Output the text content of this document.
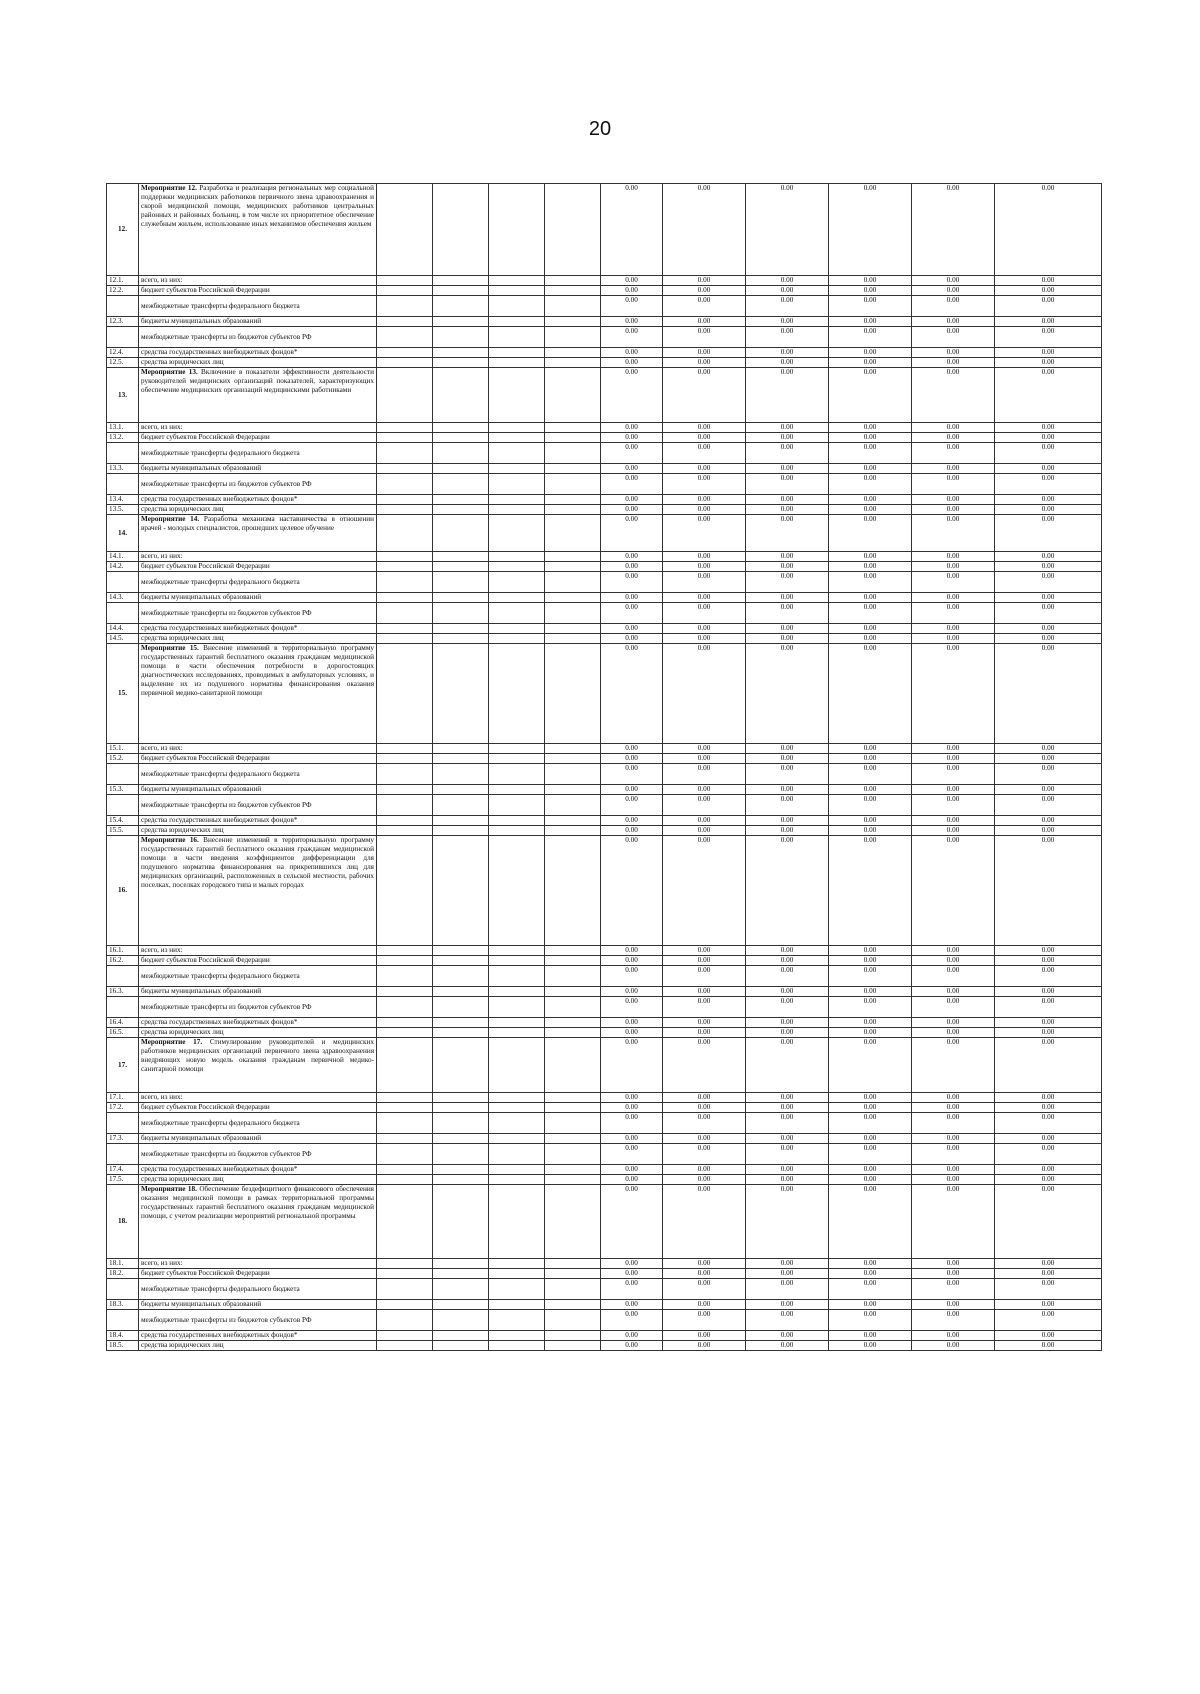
20
12.	Мероприятие 12. Разработка и реализация региональных мер социальной поддержки медицинских работников первичного звена здравоохранения и скорой медицинской помощи, медицинских работников центральных районных и районных больниц, в том числе их приоритетное обеспечение служебным жильем, использование иных механизмов обеспечения жильем					0.00	0.00	0.00	0.00	0.00	0.00
12.1.	всего, из них:					0.00	0.00	0.00	0.00	0.00	0.00
12.2.	бюджет субъектов Российской Федерации					0.00	0.00	0.00	0.00	0.00	0.00
	межбюджетные трансферты федерального бюджета					0.00	0.00	0.00	0.00	0.00	0.00
12.3.	бюджеты муниципальных образований					0.00	0.00	0.00	0.00	0.00	0.00
	межбюджетные трансферты из бюджетов субъектов РФ					0.00	0.00	0.00	0.00	0.00	0.00
12.4.	средства государственных внебюджетных фондов*					0.00	0.00	0.00	0.00	0.00	0.00
12.5.	средства юридических лиц					0.00	0.00	0.00	0.00	0.00	0.00
13.	Мероприятие 13. Включение в показатели эффективности деятельности руководителей медицинских организаций показателей, характеризующих обеспечение медицинских организаций медицинскими работниками					0.00	0.00	0.00	0.00	0.00	0.00
13.1.	всего, из них:					0.00	0.00	0.00	0.00	0.00	0.00
13.2.	бюджет субъектов Российской Федерации					0.00	0.00	0.00	0.00	0.00	0.00
	межбюджетные трансферты федерального бюджета					0.00	0.00	0.00	0.00	0.00	0.00
13.3.	бюджеты муниципальных образований					0.00	0.00	0.00	0.00	0.00	0.00
	межбюджетные трансферты из бюджетов субъектов РФ					0.00	0.00	0.00	0.00	0.00	0.00
13.4.	средства государственных внебюджетных фондов*					0.00	0.00	0.00	0.00	0.00	0.00
13.5.	средства юридических лиц					0.00	0.00	0.00	0.00	0.00	0.00
14.	Мероприятие 14. Разработка механизма наставничества в отношении врачей - молодых специалистов, прошедших целевое обучение					0.00	0.00	0.00	0.00	0.00	0.00
14.1.	всего, из них:					0.00	0.00	0.00	0.00	0.00	0.00
14.2.	бюджет субъектов Российской Федерации					0.00	0.00	0.00	0.00	0.00	0.00
	межбюджетные трансферты федерального бюджета					0.00	0.00	0.00	0.00	0.00	0.00
14.3.	бюджеты муниципальных образований					0.00	0.00	0.00	0.00	0.00	0.00
	межбюджетные трансферты из бюджетов субъектов РФ					0.00	0.00	0.00	0.00	0.00	0.00
14.4.	средства государственных внебюджетных фондов*					0.00	0.00	0.00	0.00	0.00	0.00
14.5.	средства юридических лиц					0.00	0.00	0.00	0.00	0.00	0.00
15.	Мероприятие 15. Внесение изменений в территориальную программу государственных гарантий бесплатного оказания гражданам медицинской помощи в части обеспечения потребности в дорогостоящих диагностических исследованиях, проводимых в амбулаторных условиях, и выделение их из подушевого норматива финансирования оказания первичной медико-санитарной помощи					0.00	0.00	0.00	0.00	0.00	0.00
15.1.	всего, из них:					0.00	0.00	0.00	0.00	0.00	0.00
15.2.	бюджет субъектов Российской Федерации					0.00	0.00	0.00	0.00	0.00	0.00
	межбюджетные трансферты федерального бюджета					0.00	0.00	0.00	0.00	0.00	0.00
15.3.	бюджеты муниципальных образований					0.00	0.00	0.00	0.00	0.00	0.00
	межбюджетные трансферты из бюджетов субъектов РФ					0.00	0.00	0.00	0.00	0.00	0.00
15.4.	средства государственных внебюджетных фондов*					0.00	0.00	0.00	0.00	0.00	0.00
15.5.	средства юридических лиц					0.00	0.00	0.00	0.00	0.00	0.00
16.	Мероприятие 16. Внесение изменений в территориальную программу государственных гарантий бесплатного оказания гражданам медицинской помощи в части введения коэффициентов дифференциации для подушевого норматива финансирования на прикрепившихся лиц для медицинских организаций, расположенных в сельской местности, рабочих поселках, поселках городского типа и малых городах					0.00	0.00	0.00	0.00	0.00	0.00
16.1.	всего, из них:					0.00	0.00	0.00	0.00	0.00	0.00
16.2.	бюджет субъектов Российской Федерации					0.00	0.00	0.00	0.00	0.00	0.00
	межбюджетные трансферты федерального бюджета					0.00	0.00	0.00	0.00	0.00	0.00
16.3.	бюджеты муниципальных образований					0.00	0.00	0.00	0.00	0.00	0.00
	межбюджетные трансферты из бюджетов субъектов РФ					0.00	0.00	0.00	0.00	0.00	0.00
16.4.	средства государственных внебюджетных фондов*					0.00	0.00	0.00	0.00	0.00	0.00
16.5.	средства юридических лиц					0.00	0.00	0.00	0.00	0.00	0.00
17.	Мероприятие 17. Стимулирование руководителей и медицинских работников медицинских организаций первичного звена здравоохранения внедряющих новую модель оказания гражданам первичной медико-санитарной помощи					0.00	0.00	0.00	0.00	0.00	0.00
17.1.	всего, из них:					0.00	0.00	0.00	0.00	0.00	0.00
17.2.	бюджет субъектов Российской Федерации					0.00	0.00	0.00	0.00	0.00	0.00
	межбюджетные трансферты федерального бюджета					0.00	0.00	0.00	0.00	0.00	0.00
17.3.	бюджеты муниципальных образований					0.00	0.00	0.00	0.00	0.00	0.00
	межбюджетные трансферты из бюджетов субъектов РФ					0.00	0.00	0.00	0.00	0.00	0.00
17.4.	средства государственных внебюджетных фондов*					0.00	0.00	0.00	0.00	0.00	0.00
17.5.	средства юридических лиц					0.00	0.00	0.00	0.00	0.00	0.00
18.	Мероприятие 18. Обеспечение бездефицитного финансового обеспечения оказания медицинской помощи в рамках территориальной программы государственных гарантий бесплатного оказания гражданам медицинской помощи, с учетом реализации мероприятий региональной программы					0.00	0.00	0.00	0.00	0.00	0.00
18.1.	всего, из них:					0.00	0.00	0.00	0.00	0.00	0.00
18.2.	бюджет субъектов Российской Федерации					0.00	0.00	0.00	0.00	0.00	0.00
	межбюджетные трансферты федерального бюджета					0.00	0.00	0.00	0.00	0.00	0.00
18.3.	бюджеты муниципальных образований					0.00	0.00	0.00	0.00	0.00	0.00
	межбюджетные трансферты из бюджетов субъектов РФ					0.00	0.00	0.00	0.00	0.00	0.00
18.4.	средства государственных внебюджетных фондов*					0.00	0.00	0.00	0.00	0.00	0.00
18.5.	средства юридических лиц					0.00	0.00	0.00	0.00	0.00	0.00
